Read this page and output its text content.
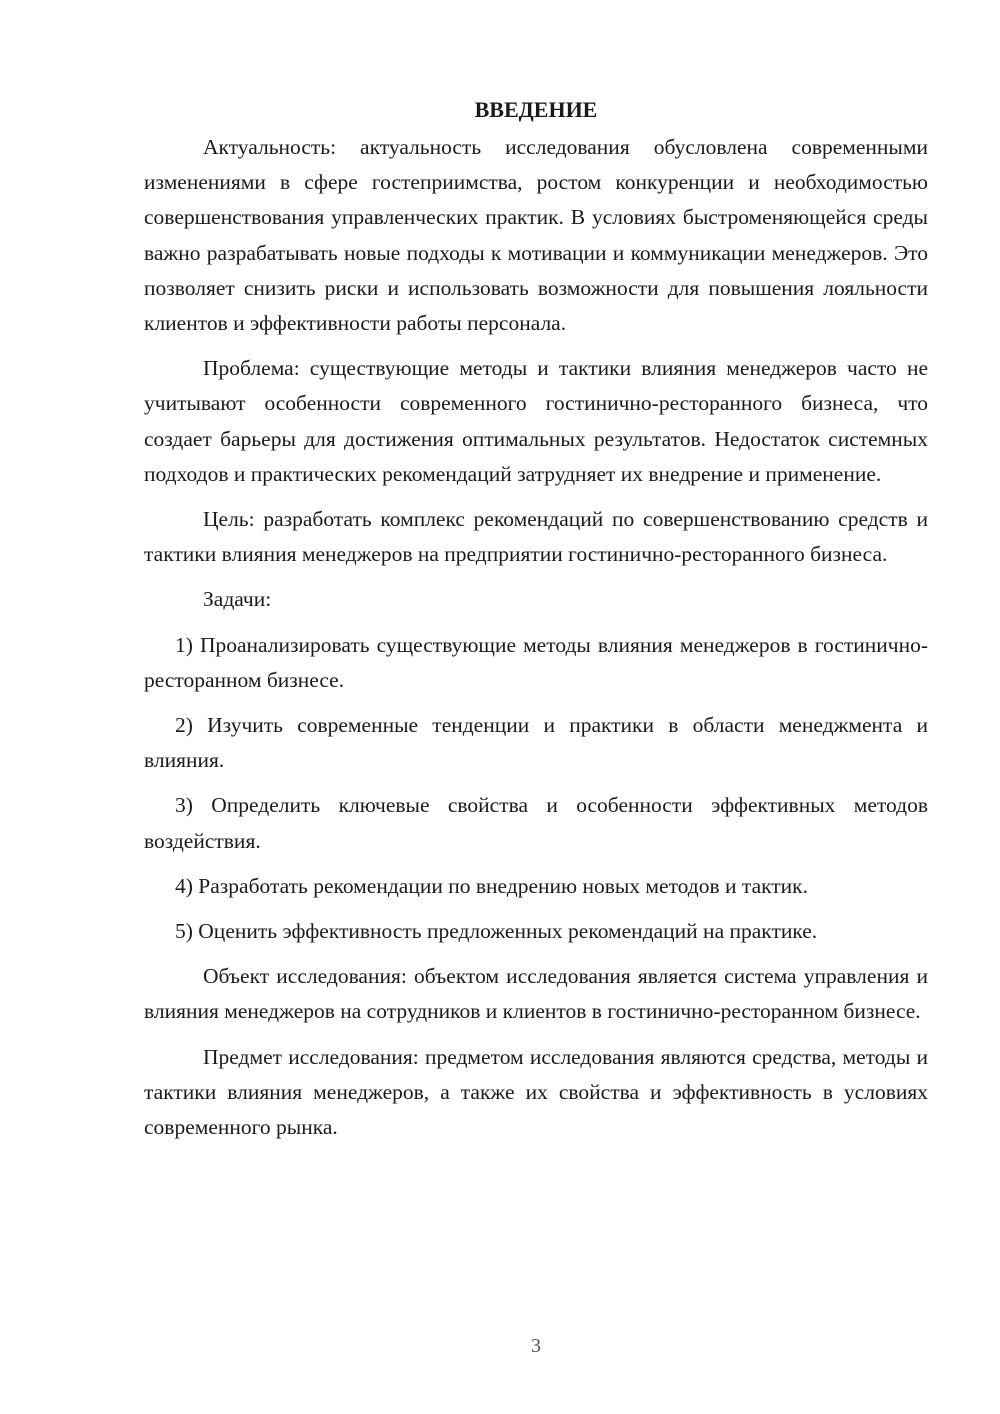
ВВЕДЕНИЕ

Актуальность: актуальность исследования обусловлена современными изменениями в сфере гостеприимства, ростом конкуренции и необходимостью совершенствования управленческих практик. В условиях быстроменяющейся среды важно разрабатывать новые подходы к мотивации и коммуникации менеджеров. Это позволяет снизить риски и использовать возможности для повышения лояльности клиентов и эффективности работы персонала.

Проблема: существующие методы и тактики влияния менеджеров часто не учитывают особенности современного гостинично-ресторанного бизнеса, что создает барьеры для достижения оптимальных результатов. Недостаток системных подходов и практических рекомендаций затрудняет их внедрение и применение.

Цель: разработать комплекс рекомендаций по совершенствованию средств и тактики влияния менеджеров на предприятии гостинично-ресторанного бизнеса.

Задачи:

1) Проанализировать существующие методы влияния менеджеров в гостинично-ресторанном бизнесе.

2) Изучить современные тенденции и практики в области менеджмента и влияния.

3) Определить ключевые свойства и особенности эффективных методов воздействия.

4) Разработать рекомендации по внедрению новых методов и тактик.

5) Оценить эффективность предложенных рекомендаций на практике.

Объект исследования: объектом исследования является система управления и влияния менеджеров на сотрудников и клиентов в гостинично-ресторанном бизнесе.

Предмет исследования: предметом исследования являются средства, методы и тактики влияния менеджеров, а также их свойства и эффективность в условиях современного рынка.

3
